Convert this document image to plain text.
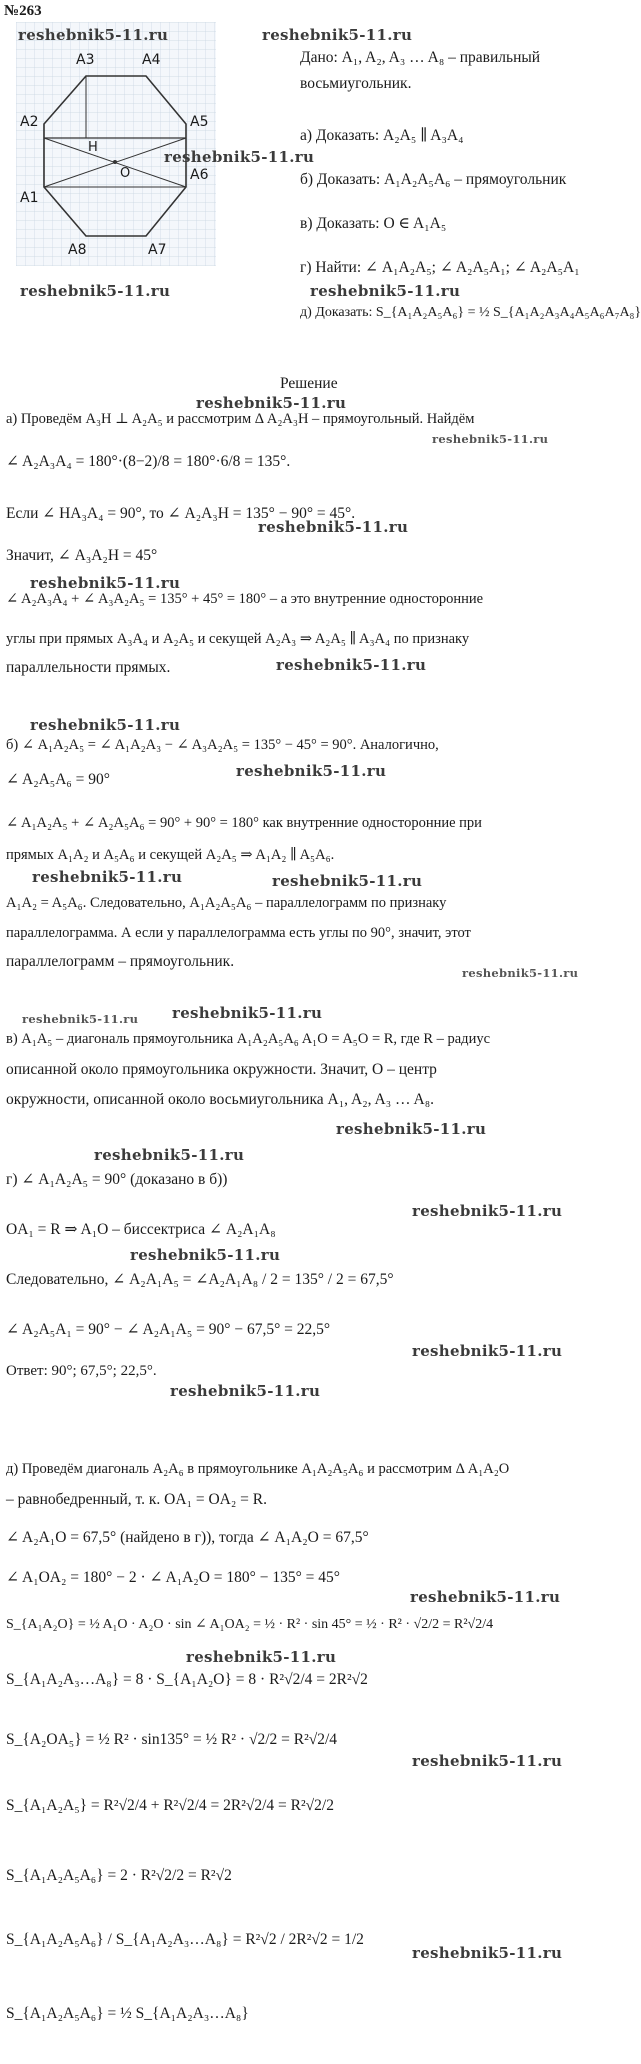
№263
A3	A4
A2	A5
A1
A6
A8	A7
H
O
Дано: A₁, A₂, A₃ … A₈ – правильный
восьмиугольник.
а) Доказать: A₂A₅ ∥ A₃A₄
б) Доказать: A₁A₂A₅A₆ – прямоугольник
в) Доказать: O ∈ A₁A₅
г) Найти: ∠ A₁A₂A₅; ∠ A₂A₅A₁; ∠ A₂A₅A₁
д) Доказать: S_{A₁A₂A₅A₆} = ½ S_{A₁A₂A₃A₄A₅A₆A₇A₈}
Решение
а) Проведём A₃H ⊥ A₂A₅ и рассмотрим Δ A₂A₃H – прямоугольный. Найдём
∠ A₂A₃A₄ = 180°·(8−2)/8 = 180°·6/8 = 135°.
Если ∠ HA₃A₄ = 90°, то ∠ A₂A₃H = 135° − 90° = 45°.
Значит, ∠ A₃A₂H = 45°
∠ A₂A₃A₄ + ∠ A₃A₂A₅ = 135° + 45° = 180° – а это внутренние односторонние
углы при прямых A₃A₄ и A₂A₅ и секущей A₂A₃ ⇒ A₂A₅ ∥ A₃A₄ по признаку
параллельности прямых.
б) ∠ A₁A₂A₅ = ∠ A₁A₂A₃ − ∠ A₃A₂A₅ = 135° − 45° = 90°. Аналогично,
∠ A₂A₅A₆ = 90°
∠ A₁A₂A₅ + ∠ A₂A₅A₆ = 90° + 90° = 180° как внутренние односторонние при
прямых A₁A₂ и A₅A₆ и секущей A₂A₅ ⇒ A₁A₂ ∥ A₅A₆.
A₁A₂ = A₅A₆. Следовательно, A₁A₂A₅A₆ – параллелограмм по признаку
параллелограмма. А если у параллелограмма есть углы по 90°, значит, этот
параллелограмм – прямоугольник.
в) A₁A₅ – диагональ прямоугольника A₁A₂A₅A₆ A₁O = A₅O = R, где R – радиус
описанной около прямоугольника окружности. Значит, O – центр
окружности, описанной около восьмиугольника A₁, A₂, A₃ … A₈.
г) ∠ A₁A₂A₅ = 90° (доказано в б))
OA₁ = R ⇒ A₁O – биссектриса ∠ A₂A₁A₈
Следовательно, ∠ A₂A₁A₅ = ∠A₂A₁A₈ / 2 = 135° / 2 = 67,5°
∠ A₂A₅A₁ = 90° − ∠ A₂A₁A₅ = 90° − 67,5° = 22,5°
Ответ: 90°; 67,5°; 22,5°.
д) Проведём диагональ A₂A₆ в прямоугольнике A₁A₂A₅A₆ и рассмотрим Δ A₁A₂O
– равнобедренный, т. к. OA₁ = OA₂ = R.
∠ A₂A₁O = 67,5° (найдено в г)), тогда ∠ A₁A₂O = 67,5°
∠ A₁OA₂ = 180° − 2 · ∠ A₁A₂O = 180° − 135° = 45°
S_{A₁A₂O} = ½ A₁O · A₂O · sin ∠ A₁OA₂ = ½ · R² · sin 45° = ½ · R² · √2/2 = R²√2/4
S_{A₁A₂A₃…A₈} = 8 · S_{A₁A₂O} = 8 · R²√2/4 = 2R²√2
S_{A₂OA₅} = ½ R² · sin135° = ½ R² · √2/2 = R²√2/4
S_{A₁A₂A₅} = R²√2/4 + R²√2/4 = 2R²√2/4 = R²√2/2
S_{A₁A₂A₅A₆} = 2 · R²√2/2 = R²√2
S_{A₁A₂A₅A₆} / S_{A₁A₂A₃…A₈} = R²√2 / 2R²√2 = 1/2
S_{A₁A₂A₅A₆} = ½ S_{A₁A₂A₃…A₈}
reshebnik5-11.ru	reshebnik5-11.ru
reshebnik5-11.ru
reshebnik5-11.ru	reshebnik5-11.ru
reshebnik5-11.ru
reshebnik5-11.ru
reshebnik5-11.ru
reshebnik5-11.ru
reshebnik5-11.ru
reshebnik5-11.ru
reshebnik5-11.ru
reshebnik5-11.ru	reshebnik5-11.ru
reshebnik5-11.ru
reshebnik5-11.ru reshebnik5-11.ru
reshebnik5-11.ru
reshebnik5-11.ru
reshebnik5-11.ru
reshebnik5-11.ru
reshebnik5-11.ru
reshebnik5-11.ru
reshebnik5-11.ru
reshebnik5-11.ru
reshebnik5-11.ru
reshebnik5-11.ru
